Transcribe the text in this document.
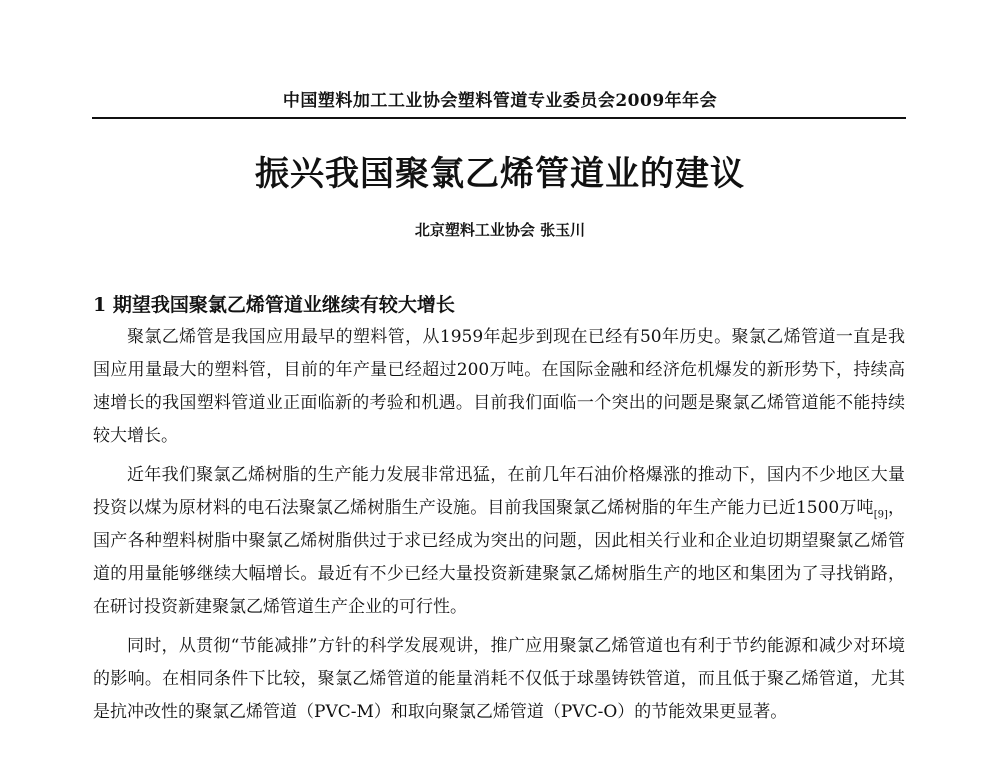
中国塑料加工工业协会塑料管道专业委员会2009年年会
振兴我国聚氯乙烯管道业的建议
北京塑料工业协会 张玉川
1 期望我国聚氯乙烯管道业继续有较大增长

聚氯乙烯管是我国应用最早的塑料管，从1959年起步到现在已经有50年历史。聚氯乙烯管道一直是我国应用量最大的塑料管，目前的年产量已经超过200万吨。在国际金融和经济危机爆发的新形势下，持续高速增长的我国塑料管道业正面临新的考验和机遇。目前我们面临一个突出的问题是聚氯乙烯管道能不能持续较大增长。

近年我们聚氯乙烯树脂的生产能力发展非常迅猛，在前几年石油价格爆涨的推动下，国内不少地区大量投资以煤为原材料的电石法聚氯乙烯树脂生产设施。目前我国聚氯乙烯树脂的年生产能力已近1500万吨$_{[9]}$，国产各种塑料树脂中聚氯乙烯树脂供过于求已经成为突出的问题，因此相关行业和企业迫切期望聚氯乙烯管道的用量能够继续大幅增长。最近有不少已经大量投资新建聚氯乙烯树脂生产的地区和集团为了寻找销路，在研讨投资新建聚氯乙烯管道生产企业的可行性。

同时，从贯彻“节能减排”方针的科学发展观讲，推广应用聚氯乙烯管道也有利于节约能源和减少对环境的影响。在相同条件下比较，聚氯乙烯管道的能量消耗不仅低于球墨铸铁管道，而且低于聚乙烯管道，尤其是抗冲改性的聚氯乙烯管道（PVC-M）和取向聚氯乙烯管道（PVC-O）的节能效果更显著。
